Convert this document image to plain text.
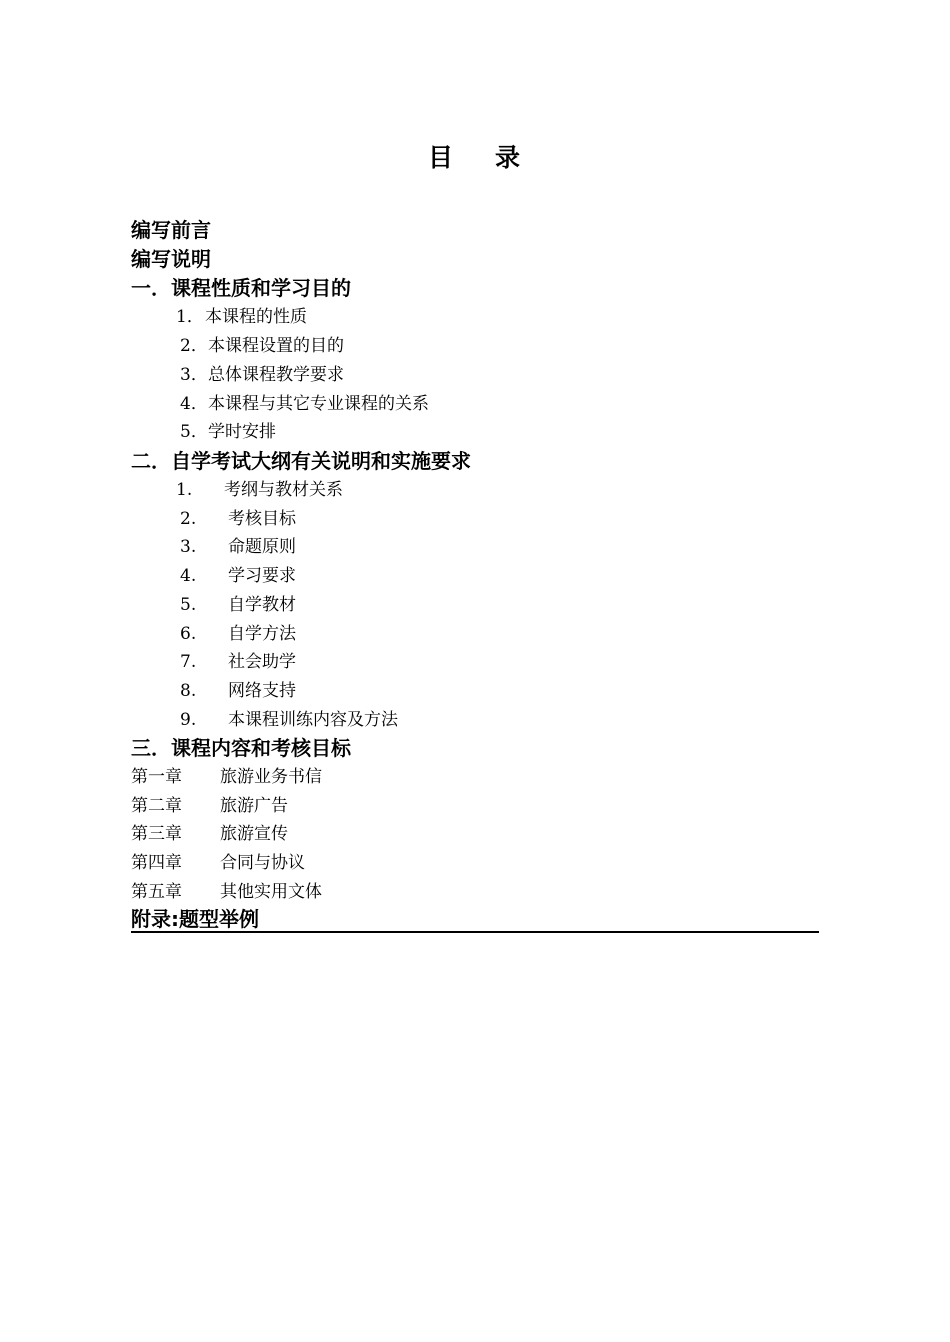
目 录
编写前言
编写说明
一．课程性质和学习目的
1．本课程的性质
2．本课程设置的目的
3．总体课程教学要求
4．本课程与其它专业课程的关系
5．学时安排
二．自学考试大纲有关说明和实施要求
1. 考纲与教材关系
2. 考核目标
3. 命题原则
4. 学习要求
5. 自学教材
6. 自学方法
7. 社会助学
8. 网络支持
9. 本课程训练内容及方法
三．课程内容和考核目标
第一章 旅游业务书信
第二章 旅游广告
第三章 旅游宣传
第四章 合同与协议
第五章 其他实用文体
附录:题型举例
